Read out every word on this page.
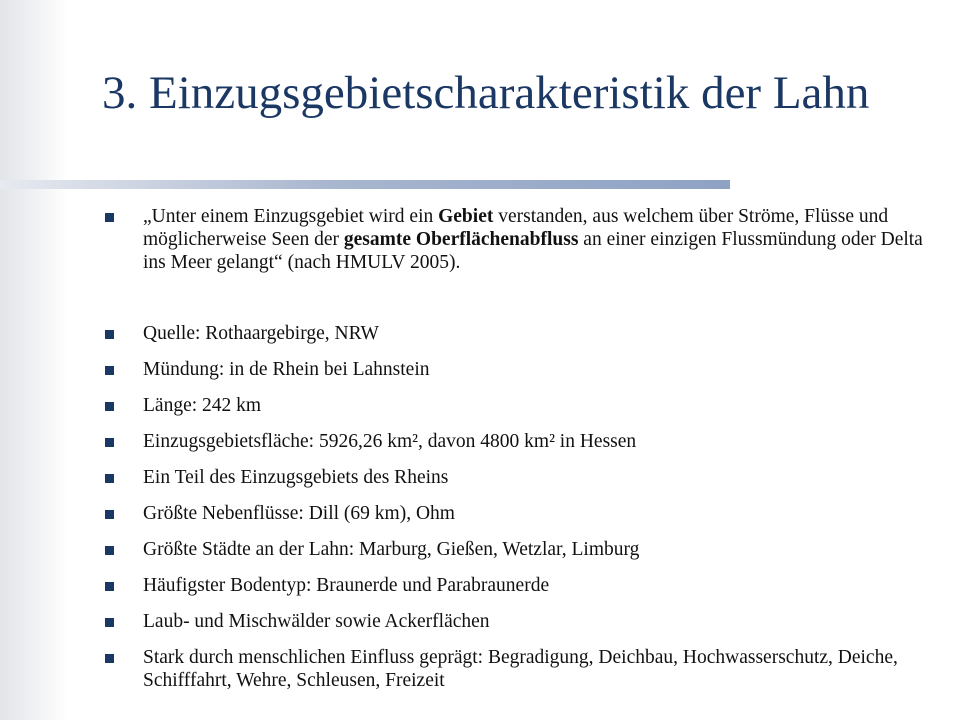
3. Einzugsgebietscharakteristik der Lahn
„Unter einem Einzugsgebiet wird ein Gebiet verstanden, aus welchem über Ströme, Flüsse und möglicherweise Seen der gesamte Oberflächenabfluss an einer einzigen Flussmündung oder Delta ins Meer gelangt“ (nach HMULV 2005).
Quelle: Rothaargebirge, NRW
Mündung: in de Rhein bei Lahnstein
Länge: 242 km
Einzugsgebietsfläche: 5926,26 km², davon 4800 km² in Hessen
Ein Teil des Einzugsgebiets des Rheins
Größte Nebenflüsse: Dill (69 km), Ohm
Größte Städte an der Lahn: Marburg, Gießen, Wetzlar, Limburg
Häufigster Bodentyp: Braunerde und Parabraunerde
Laub- und Mischwälder sowie Ackerflächen
Stark durch menschlichen Einfluss geprägt: Begradigung, Deichbau, Hochwasserschutz, Deiche, Schifffahrt, Wehre, Schleusen, Freizeit
